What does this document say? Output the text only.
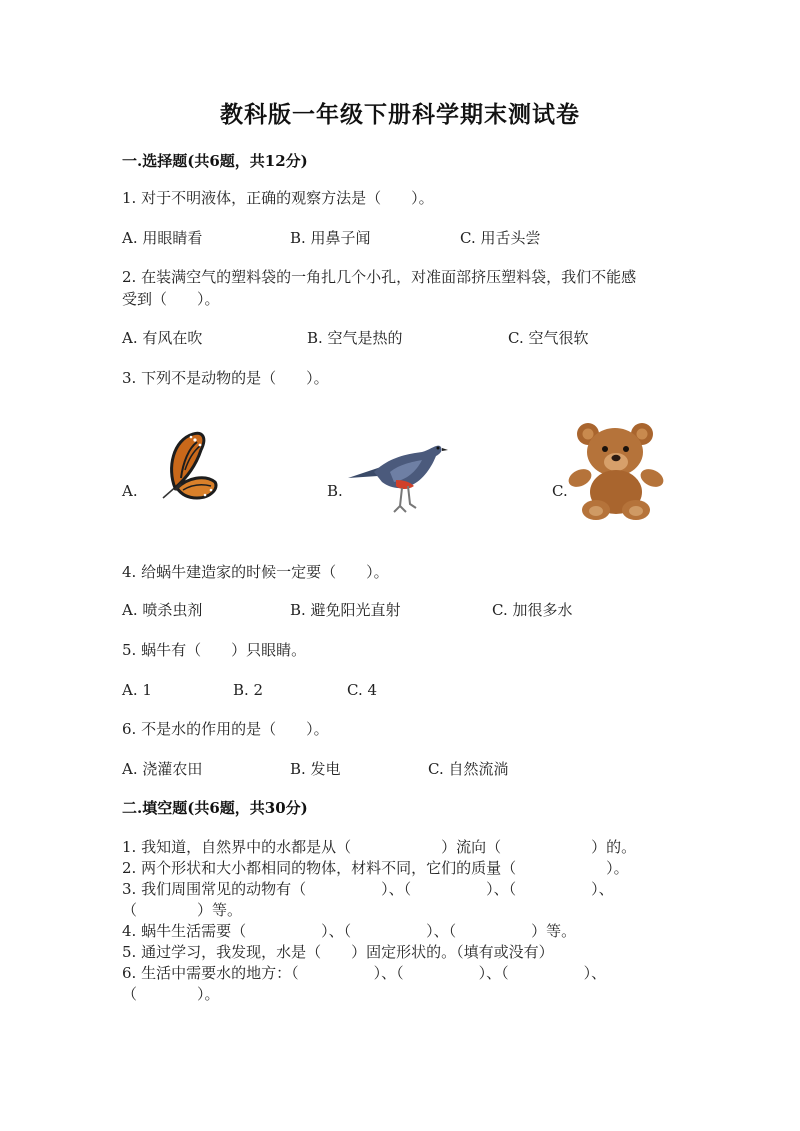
教科版一年级下册科学期末测试卷
一.选择题(共6题，共12分)
1. 对于不明液体，正确的观察方法是（　　）。
A. 用眼睛看	B. 用鼻子闻	C. 用舌头尝
2. 在装满空气的塑料袋的一角扎几个小孔，对准面部挤压塑料袋，我们不能感
受到（　　）。
A. 有风在吹	B. 空气是热的	C. 空气很软
3. 下列不是动物的是（　　）。
A.	B.	C.
4. 给蜗牛建造家的时候一定要（　　）。
A. 喷杀虫剂	B. 避免阳光直射	C. 加很多水
5. 蜗牛有（　　）只眼睛。
A. 1	B. 2	C. 4
6. 不是水的作用的是（　　）。
A. 浇灌农田	B. 发电	C. 自然流淌
二.填空题(共6题，共30分)
1. 我知道，自然界中的水都是从（　　　　　　）流向（　　　　　　）的。
2. 两个形状和大小都相同的物体，材料不同，它们的质量（　　　　　　）。
3. 我们周围常见的动物有（　　　　　）、（　　　　　）、（　　　　　）、
（　　　　）等。
4. 蜗牛生活需要（　　　　　）、（　　　　　）、（　　　　　）等。
5. 通过学习，我发现，水是（　　）固定形状的。（填有或没有）
6. 生活中需要水的地方：（　　　　　）、（　　　　　）、（　　　　　）、
（　　　　）。
